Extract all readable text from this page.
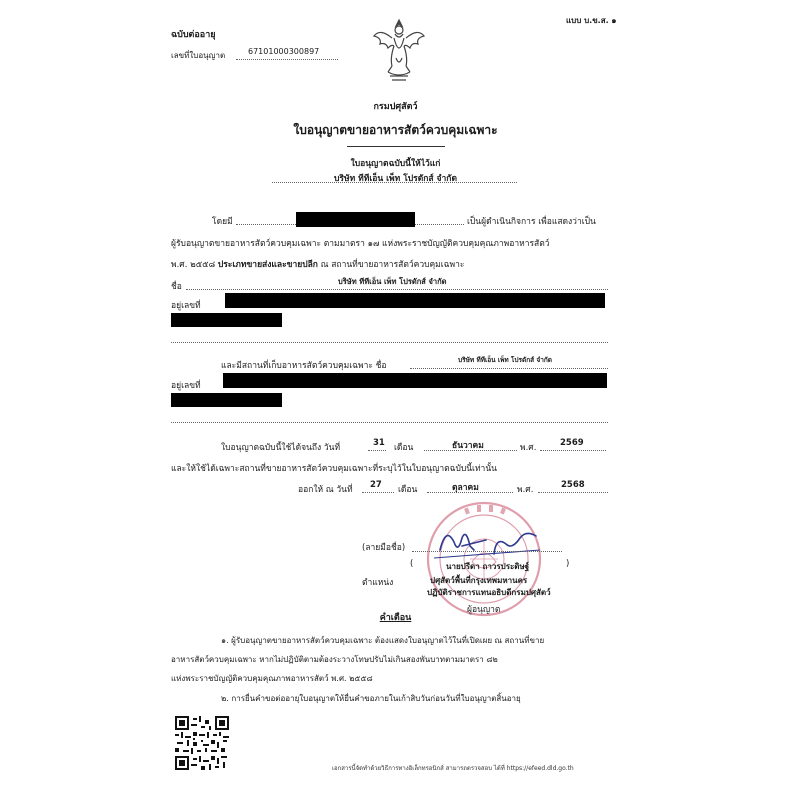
แบบ บ.ข.ส. ๑
ฉบับต่ออายุ
เลขที่ใบอนุญาต	67101000300897
กรมปศุสัตว์
ใบอนุญาตขายอาหารสัตว์ควบคุมเฉพาะ
ใบอนุญาตฉบับนี้ให้ไว้แก่
บริษัท ทีทีเอ็น เพ็ท โปรดักส์ จำกัด
โดยมี	เป็นผู้ดำเนินกิจการ เพื่อแสดงว่าเป็น
ผู้รับอนุญาตขายอาหารสัตว์ควบคุมเฉพาะ ตามมาตรา ๑๗ แห่งพระราชบัญญัติควบคุมคุณภาพอาหารสัตว์
พ.ศ. ๒๕๕๘ ประเภทขายส่งและขายปลีก ณ สถานที่ขายอาหารสัตว์ควบคุมเฉพาะ
ชื่อ
บริษัท ทีทีเอ็น เพ็ท โปรดักส์ จำกัด
อยู่เลขที่
และมีสถานที่เก็บอาหารสัตว์ควบคุมเฉพาะ ชื่อ
บริษัท ทีทีเอ็น เพ็ท โปรดักส์ จำกัด
อยู่เลขที่
ใบอนุญาตฉบับนี้ใช้ได้จนถึง วันที่	31 เดือน	ธันวาคม	พ.ศ.	2569
และให้ใช้ได้เฉพาะสถานที่ขายอาหารสัตว์ควบคุมเฉพาะที่ระบุไว้ในใบอนุญาตฉบับนี้เท่านั้น
ออกให้ ณ วันที่ 27 เดือน	ตุลาคม	พ.ศ.	2568
(ลายมือชื่อ)
(	นายปรีดา ถาวรประดิษฐ์	)
ตำแหน่ง	ปศุสัตว์พื้นที่กรุงเทพมหานคร
ปฏิบัติราชการแทนอธิบดีกรมปศุสัตว์
ผู้อนุญาต
คำเตือน
๑. ผู้รับอนุญาตขายอาหารสัตว์ควบคุมเฉพาะ ต้องแสดงใบอนุญาตไว้ในที่เปิดเผย ณ สถานที่ขาย
อาหารสัตว์ควบคุมเฉพาะ หากไม่ปฏิบัติตามต้องระวางโทษปรับไม่เกินสองพันบาทตามมาตรา ๘๒
แห่งพระราชบัญญัติควบคุมคุณภาพอาหารสัตว์ พ.ศ. ๒๕๕๘
๒. การยื่นคำขอต่ออายุใบอนุญาตให้ยื่นคำขอภายในเก้าสิบวันก่อนวันที่ใบอนุญาตสิ้นอายุ
เอกสารนี้จัดทำด้วยวิธีการทางอิเล็กทรอนิกส์ สามารถตรวจสอบ ได้ที่ https://efeed.dld.go.th
